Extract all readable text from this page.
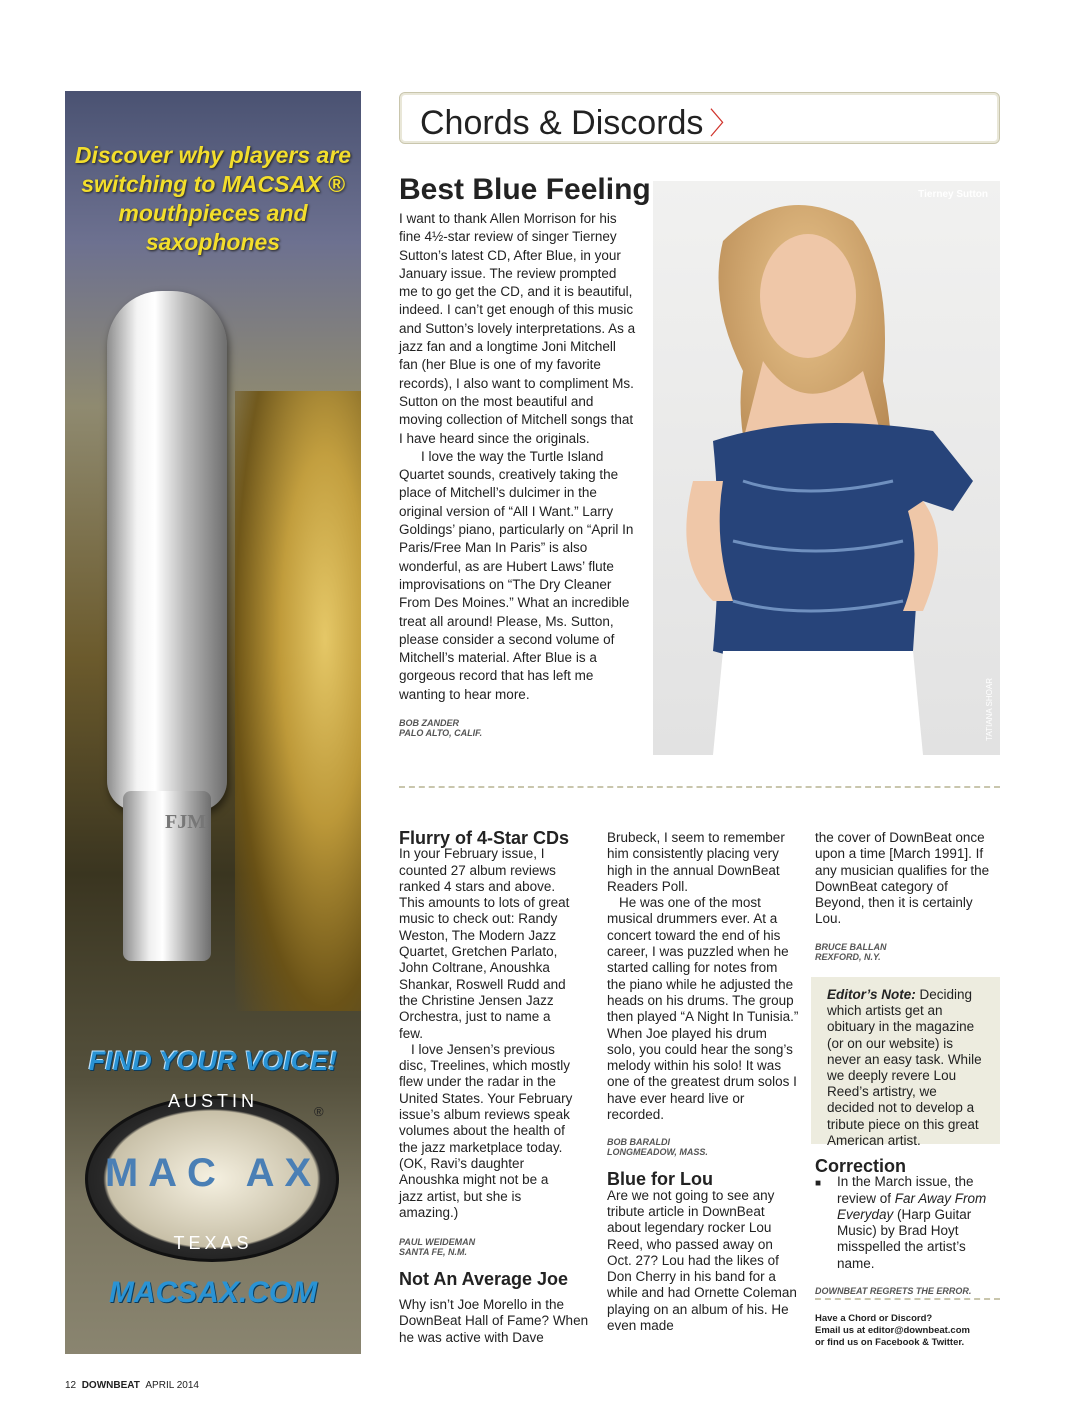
Discover why players are switching to MACSAX ® mouthpieces and saxophones
FJM
FIND YOUR VOICE!
AUSTIN
MAC AX
TEXAS
®
MACSAX.COM
Chords & Discords 〉
Best Blue Feeling

I want to thank Allen Morrison for his fine 4½-star review of singer Tierney Sutton’s latest CD, After Blue, in your January issue. The review prompted me to go get the CD, and it is beautiful, indeed. I can’t get enough of this music and Sutton’s lovely interpretations. As a jazz fan and a longtime Joni Mitchell fan (her Blue is one of my favorite records), I also want to compliment Ms. Sutton on the most beautiful and moving collection of Mitchell songs that I have heard since the originals.

I love the way the Turtle Island Quartet sounds, creatively taking the place of Mitchell’s dulcimer in the original version of “All I Want.” Larry Goldings’ piano, particularly on “April In Paris/Free Man In Paris” is also wonderful, as are Hubert Laws’ flute improvisations on “The Dry Cleaner From Des Moines.” What an incredible treat all around! Please, Ms. Sutton, please consider a second volume of Mitchell’s material. After Blue is a gorgeous record that has left me wanting to hear more.

BOB ZANDER
PALO ALTO, CALIF.
Tierney Sutton
TATIANA SHOAR
Flurry of 4-Star CDs

In your February issue, I counted 27 album reviews ranked 4 stars and above. This amounts to lots of great music to check out: Randy Weston, The Modern Jazz Quartet, Gretchen Parlato, John Coltrane, Anoushka Shankar, Roswell Rudd and the Christine Jensen Jazz Orchestra, just to name a few.

I love Jensen’s previous disc, Treelines, which mostly flew under the radar in the United States. Your February issue’s album reviews speak volumes about the health of the jazz marketplace today. (OK, Ravi’s daughter Anoushka might not be a jazz artist, but she is amazing.)

PAUL WEIDEMAN
SANTA FE, N.M.
Not An Average Joe

Why isn’t Joe Morello in the DownBeat Hall of Fame? When he was active with Dave

Brubeck, I seem to remember him consistently placing very high in the annual DownBeat Readers Poll.

He was one of the most musical drummers ever. At a concert toward the end of his career, I was puzzled when he started calling for notes from the piano while he adjusted the heads on his drums. The group then played “A Night In Tunisia.” When Joe played his drum solo, you could hear the song’s melody within his solo! It was one of the greatest drum solos I have ever heard live or recorded.

BOB BARALDI
LONGMEADOW, MASS.
Blue for Lou

Are we not going to see any tribute article in DownBeat about legendary rocker Lou Reed, who passed away on Oct. 27? Lou had the likes of Don Cherry in his band for a while and had Ornette Coleman playing on an album of his. He even made

the cover of DownBeat once upon a time [March 1991]. If any musician qualifies for the DownBeat category of Beyond, then it is certainly Lou.

BRUCE BALLAN
REXFORD, N.Y.
Editor’s Note: Deciding which artists get an obituary in the magazine (or on our website) is never an easy task. While we deeply revere Lou Reed’s artistry, we decided not to develop a tribute piece on this great American artist.
Correction
■	In the March issue, the review of Far Away From Everyday (Harp Guitar Music) by Brad Hoyt misspelled the artist’s name.
DOWNBEAT REGRETS THE ERROR.
Have a Chord or Discord?
Email us at editor@downbeat.com
or find us on Facebook & Twitter.
12 DOWNBEAT APRIL 2014
